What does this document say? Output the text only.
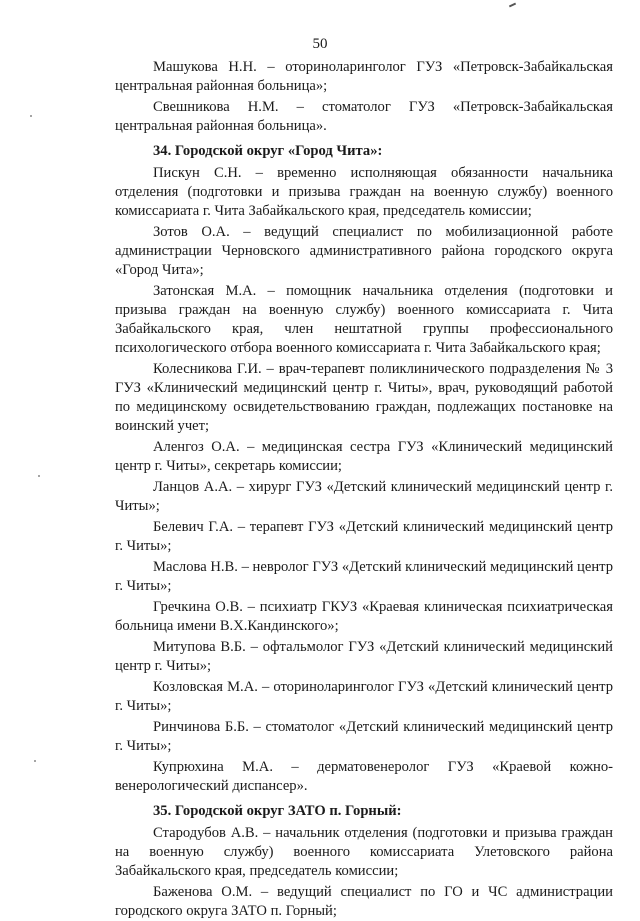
50

Машукова Н.Н. – оториноларинголог ГУЗ «Петровск-Забайкальская центральная районная больница»;

Свешникова Н.М. – стоматолог ГУЗ «Петровск-Забайкальская центральная районная больница».

34. Городской округ «Город Чита»:

Пискун С.Н. – временно исполняющая обязанности начальника отделения (подготовки и призыва граждан на военную службу) военного комиссариата г. Чита Забайкальского края, председатель комиссии;

Зотов О.А. – ведущий специалист по мобилизационной работе администрации Черновского административного района городского округа «Город Чита»;

Затонская М.А. – помощник начальника отделения (подготовки и призыва граждан на военную службу) военного комиссариата г. Чита Забайкальского края, член нештатной группы профессионального психологического отбора военного комиссариата г. Чита Забайкальского края;

Колесникова Г.И. – врач-терапевт поликлинического подразделения № 3 ГУЗ «Клинический медицинский центр г. Читы», врач, руководящий работой по медицинскому освидетельствованию граждан, подлежащих постановке на воинский учет;

Аленгоз О.А. – медицинская сестра ГУЗ «Клинический медицинский центр г. Читы», секретарь комиссии;

Ланцов А.А. – хирург ГУЗ «Детский клинический медицинский центр г. Читы»;

Белевич Г.А. – терапевт ГУЗ «Детский клинический медицинский центр г. Читы»;

Маслова Н.В. – невролог ГУЗ «Детский клинический медицинский центр г. Читы»;

Гречкина О.В. – психиатр ГКУЗ «Краевая клиническая психиатрическая больница имени В.Х.Кандинского»;

Митупова В.Б. – офтальмолог ГУЗ «Детский клинический медицинский центр г. Читы»;

Козловская М.А. – оториноларинголог ГУЗ «Детский клинический центр г. Читы»;

Ринчинова Б.Б. – стоматолог «Детский клинический медицинский центр г. Читы»;

Купрюхина М.А. – дерматовенеролог ГУЗ «Краевой кожно-венерологический диспансер».

35. Городской округ ЗАТО п. Горный:

Стародубов А.В. – начальник отделения (подготовки и призыва граждан на военную службу) военного комиссариата Улетовского района Забайкальского края, председатель комиссии;

Баженова О.М. – ведущий специалист по ГО и ЧС администрации городского округа ЗАТО п. Горный;
